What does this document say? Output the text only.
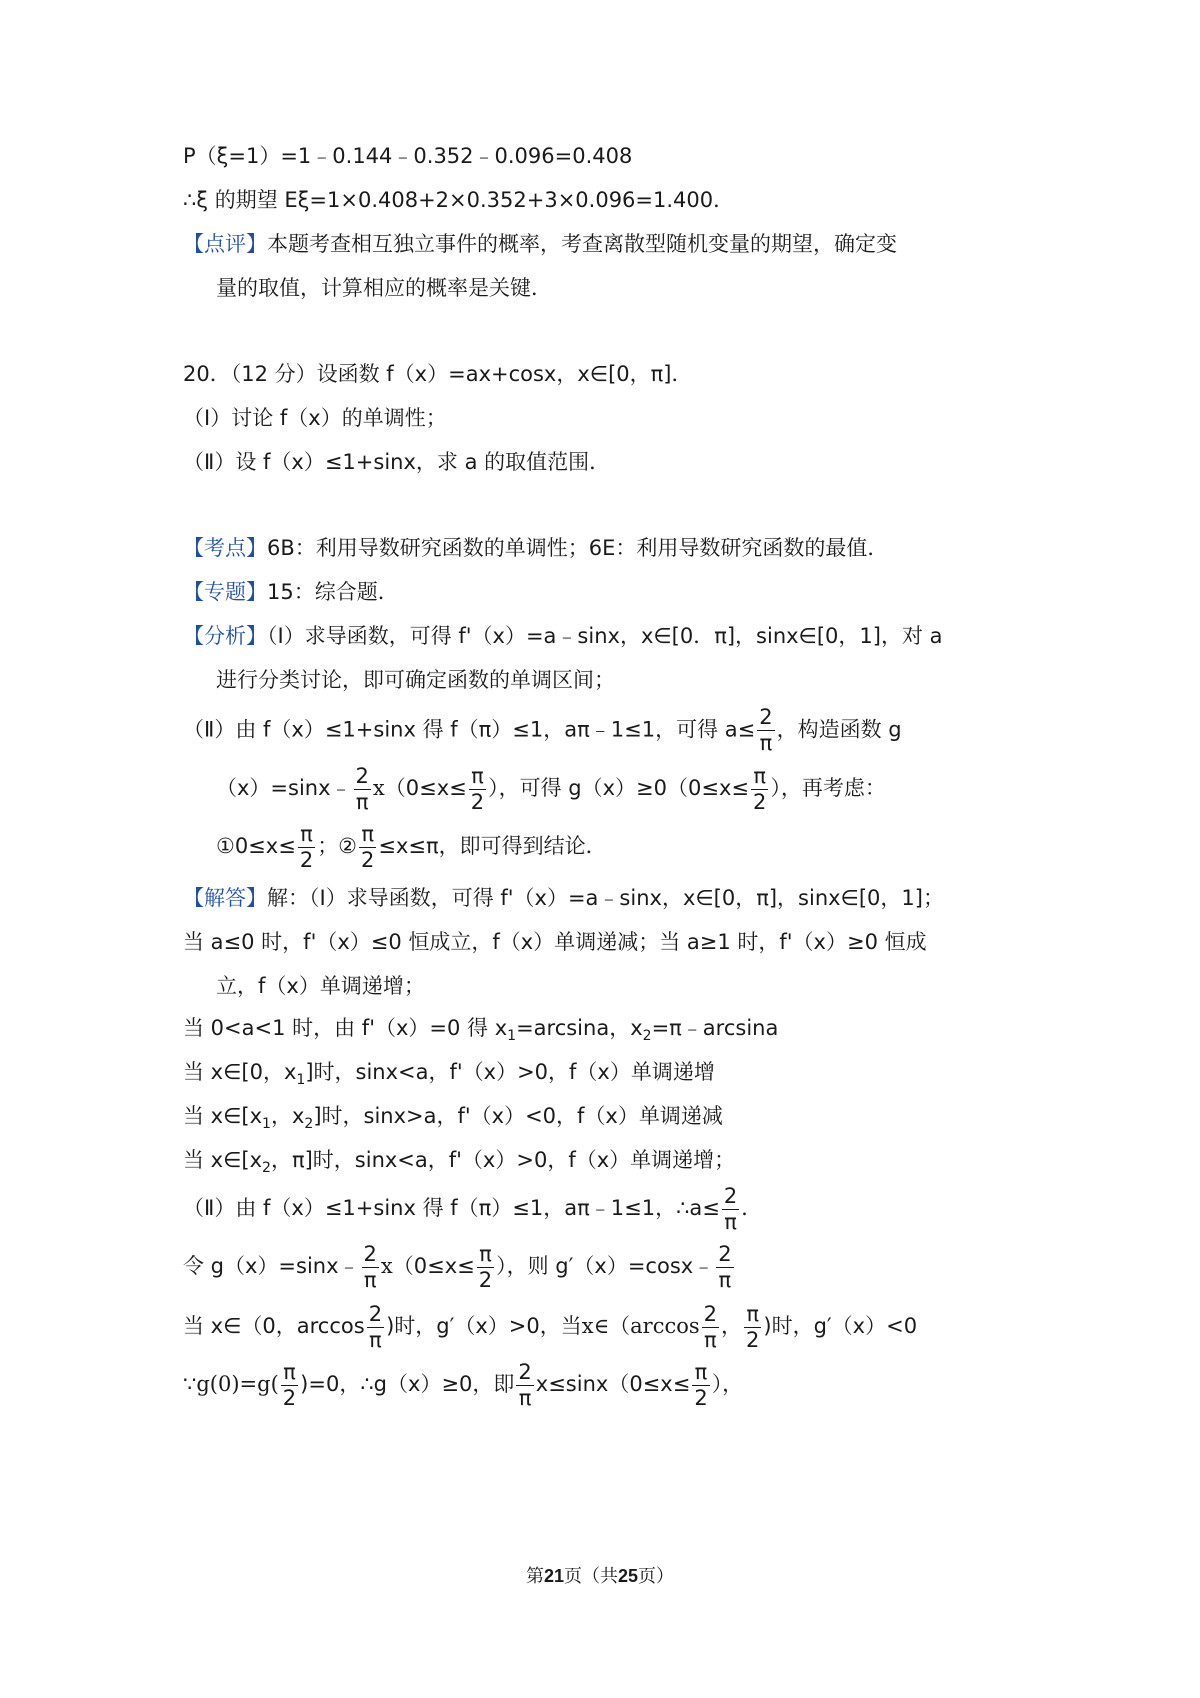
P（ξ=1）=1﹣0.144﹣0.352﹣0.096=0.408
∴ξ 的期望 Eξ=1×0.408+2×0.352+3×0.096=1.400．
【点评】本题考查相互独立事件的概率，考查离散型随机变量的期望，确定变
量的取值，计算相应的概率是关键．
20．（12 分）设函数 f（x）=ax+cosx，x∈[0，π]．
（Ⅰ）讨论 f（x）的单调性；
（Ⅱ）设 f（x）≤1+sinx，求 a 的取值范围．
【考点】6B：利用导数研究函数的单调性；6E：利用导数研究函数的最值．
【专题】15：综合题．
【分析】（Ⅰ）求导函数，可得 f'（x）=a﹣sinx，x∈[0．π]，sinx∈[0，1]，对 a
进行分类讨论，即可确定函数的单调区间；
（Ⅱ）由 f（x）≤1+sinx 得 f（π）≤1，aπ﹣1≤1，可得 $a\le \frac{2}{\pi}$ ，构造函数 g
（x）=sinx﹣ $\frac{2}{\pi} x(0\le x\le \frac{\pi}{2}$ ），可得 $g(x)\ge 0(0\le x\le \frac{\pi}{2}$ ），再考虑：
①0≤x≤ $\frac{\pi}{2}$ ；② $\frac{\pi}{2} \le x\le\pi$，即可得到结论．
【解答】解：（Ⅰ）求导函数，可得 f'（x）=a﹣sinx，x∈[0，π]，sinx∈[0，1]；
当 a≤0 时，f'（x）≤0 恒成立，f（x）单调递减；当 a≥1 时，f'（x）≥0 恒成
立，f（x）单调递增；
当 0<a<1 时，由 f'（x）=0 得 $x_1=\arcsin a$，$x_2=\pi﹣\arcsin a$
当 x∈[0，$x_1$]时，sinx<a，f'（x）>0，f（x）单调递增
当 $x\in[x_1$，$x_2$]时，sinx>a，f'（x）<0，f（x）单调递减
当 $x\in[x_2$，π]时，sinx<a，f'（x）>0，f（x）单调递增；
（Ⅱ）由 f（x）≤1+sinx 得 f（π）≤1，aπ﹣1≤1，∴a≤ $\frac{2}{\pi}$ ．
令 g（x）=sinx﹣ $\frac{2}{\pi} x(0\le x\le \frac{\pi}{2}$ ），则 g′（x）=cosx﹣ $\frac{2}{\pi}$
当 x∈（0，$\arccos \frac{2}{\pi}$ )时，g′（x）>0，当x∈（arccos $\frac{2}{\pi}$ ， $\frac{\pi}{2}$ )时，g′（x）<0
∵g(0)=g( $\frac{\pi}{2} )=0$，∴g（x）≥0，即 $\frac{2}{\pi} x\le\sin x(0\le x\le \frac{\pi}{2}$ ），
第21页（共25页）
